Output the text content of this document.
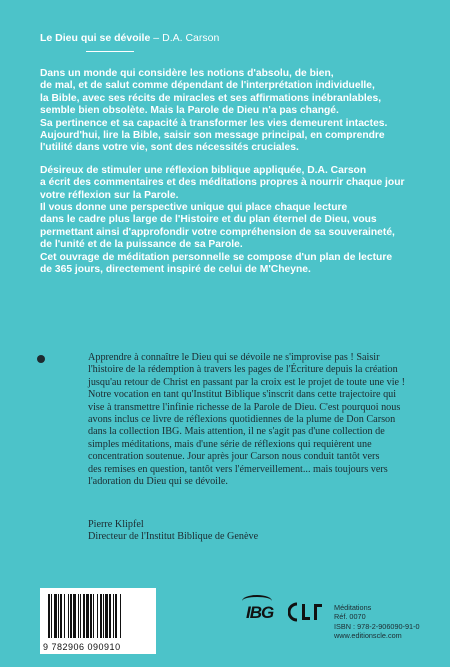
Le Dieu qui se dévoile – D.A. Carson

Dans un monde qui considère les notions d'absolu, de bien,
de mal, et de salut comme dépendant de l'interprétation individuelle,
la Bible, avec ses récits de miracles et ses affirmations inébranlables,
semble bien obsolète. Mais la Parole de Dieu n'a pas changé.
Sa pertinence et sa capacité à transformer les vies demeurent intactes.
Aujourd'hui, lire la Bible, saisir son message principal, en comprendre
l'utilité dans votre vie, sont des nécessités cruciales.

Désireux de stimuler une réflexion biblique appliquée, D.A. Carson
a écrit des commentaires et des méditations propres à nourrir chaque jour
votre réflexion sur la Parole.
Il vous donne une perspective unique qui place chaque lecture
dans le cadre plus large de l'Histoire et du plan éternel de Dieu, vous
permettant ainsi d'approfondir votre compréhension de sa souveraineté,
de l'unité et de la puissance de sa Parole.
Cet ouvrage de méditation personnelle se compose d'un plan de lecture
de 365 jours, directement inspiré de celui de M'Cheyne.

Apprendre à connaître le Dieu qui se dévoile ne s'improvise pas ! Saisir
l'histoire de la rédemption à travers les pages de l'Écriture depuis la création
jusqu'au retour de Christ en passant par la croix est le projet de toute une vie !
Notre vocation en tant qu'Institut Biblique s'inscrit dans cette trajectoire qui
vise à transmettre l'infinie richesse de la Parole de Dieu. C'est pourquoi nous
avons inclus ce livre de réflexions quotidiennes de la plume de Don Carson
dans la collection IBG. Mais attention, il ne s'agit pas d'une collection de
simples méditations, mais d'une série de réflexions qui requièrent une
concentration soutenue. Jour après jour Carson nous conduit tantôt vers
des remises en question, tantôt vers l'émerveillement... mais toujours vers
l'adoration du Dieu qui se dévoile.
Pierre Klipfel
Directeur de l'Institut Biblique de Genève
9 782906 090910
IBG	Méditations
Réf. 0070
ISBN : 978-2-906090-91-0
www.editionscle.com
